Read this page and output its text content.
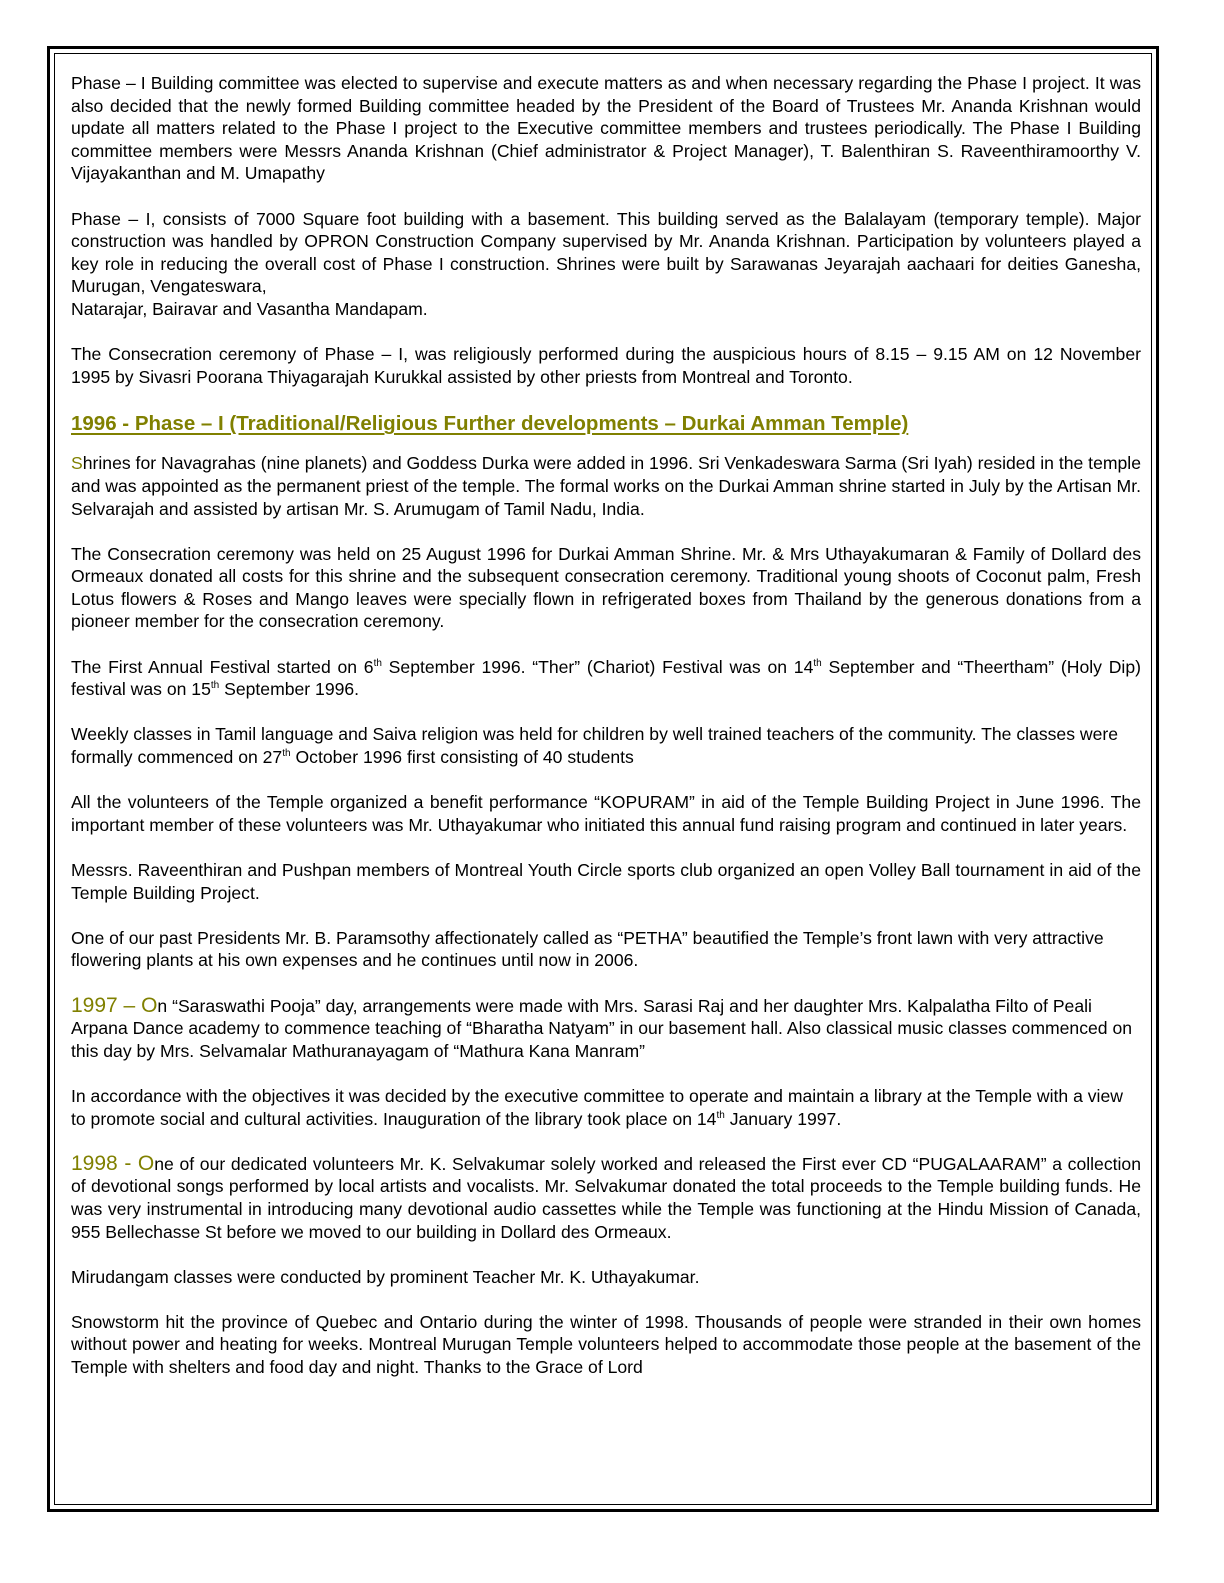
Phase – I Building committee was elected to supervise and execute matters as and when necessary regarding the Phase I project. It was also decided that the newly formed Building committee headed by the President of the Board of Trustees Mr. Ananda Krishnan would update all matters related to the Phase I project to the Executive committee members and trustees periodically. The Phase I Building committee members were Messrs Ananda Krishnan (Chief administrator & Project Manager), T. Balenthiran S. Raveenthiramoorthy V. Vijayakanthan and M. Umapathy

Phase – I, consists of 7000 Square foot building with a basement. This building served as the Balalayam (temporary temple). Major construction was handled by OPRON Construction Company supervised by Mr. Ananda Krishnan. Participation by volunteers played a key role in reducing the overall cost of Phase I construction. Shrines were built by Sarawanas Jeyarajah aachaari for deities Ganesha, Murugan, Vengateswara,
Natarajar, Bairavar and Vasantha Mandapam.

The Consecration ceremony of Phase – I, was religiously performed during the auspicious hours of 8.15 – 9.15 AM on 12 November 1995 by Sivasri Poorana Thiyagarajah Kurukkal assisted by other priests from Montreal and Toronto.

1996 - Phase – I (Traditional/Religious Further developments – Durkai Amman Temple)

Shrines for Navagrahas (nine planets) and Goddess Durka were added in 1996. Sri Venkadeswara Sarma (Sri Iyah) resided in the temple and was appointed as the permanent priest of the temple. The formal works on the Durkai Amman shrine started in July by the Artisan Mr. Selvarajah and assisted by artisan Mr. S. Arumugam of Tamil Nadu, India.

The Consecration ceremony was held on 25 August 1996 for Durkai Amman Shrine. Mr. & Mrs Uthayakumaran & Family of Dollard des Ormeaux donated all costs for this shrine and the subsequent consecration ceremony. Traditional young shoots of Coconut palm, Fresh Lotus flowers & Roses and Mango leaves were specially flown in refrigerated boxes from Thailand by the generous donations from a pioneer member for the consecration ceremony.

The First Annual Festival started on 6th September 1996. “Ther” (Chariot) Festival was on 14th September and “Theertham” (Holy Dip) festival was on 15th September 1996.

Weekly classes in Tamil language and Saiva religion was held for children by well trained teachers of the community. The classes were formally commenced on 27th October 1996 first consisting of 40 students

All the volunteers of the Temple organized a benefit performance “KOPURAM” in aid of the Temple Building Project in June 1996. The important member of these volunteers was Mr. Uthayakumar who initiated this annual fund raising program and continued in later years.

Messrs. Raveenthiran and Pushpan members of Montreal Youth Circle sports club organized an open Volley Ball tournament in aid of the Temple Building Project.

One of our past Presidents Mr. B. Paramsothy affectionately called as “PETHA” beautified the Temple’s front lawn with very attractive flowering plants at his own expenses and he continues until now in 2006.

1997 – On “Saraswathi Pooja” day, arrangements were made with Mrs. Sarasi Raj and her daughter Mrs. Kalpalatha Filto of Peali Arpana Dance academy to commence teaching of “Bharatha Natyam” in our basement hall. Also classical music classes commenced on this day by Mrs. Selvamalar Mathuranayagam of “Mathura Kana Manram”

In accordance with the objectives it was decided by the executive committee to operate and maintain a library at the Temple with a view to promote social and cultural activities. Inauguration of the library took place on 14th January 1997.

1998 - One of our dedicated volunteers Mr. K. Selvakumar solely worked and released the First ever CD “PUGALAARAM” a collection of devotional songs performed by local artists and vocalists. Mr. Selvakumar donated the total proceeds to the Temple building funds. He was very instrumental in introducing many devotional audio cassettes while the Temple was functioning at the Hindu Mission of Canada, 955 Bellechasse St before we moved to our building in Dollard des Ormeaux.

Mirudangam classes were conducted by prominent Teacher Mr. K. Uthayakumar.

Snowstorm hit the province of Quebec and Ontario during the winter of 1998. Thousands of people were stranded in their own homes without power and heating for weeks. Montreal Murugan Temple volunteers helped to accommodate those people at the basement of the Temple with shelters and food day and night. Thanks to the Grace of Lord
